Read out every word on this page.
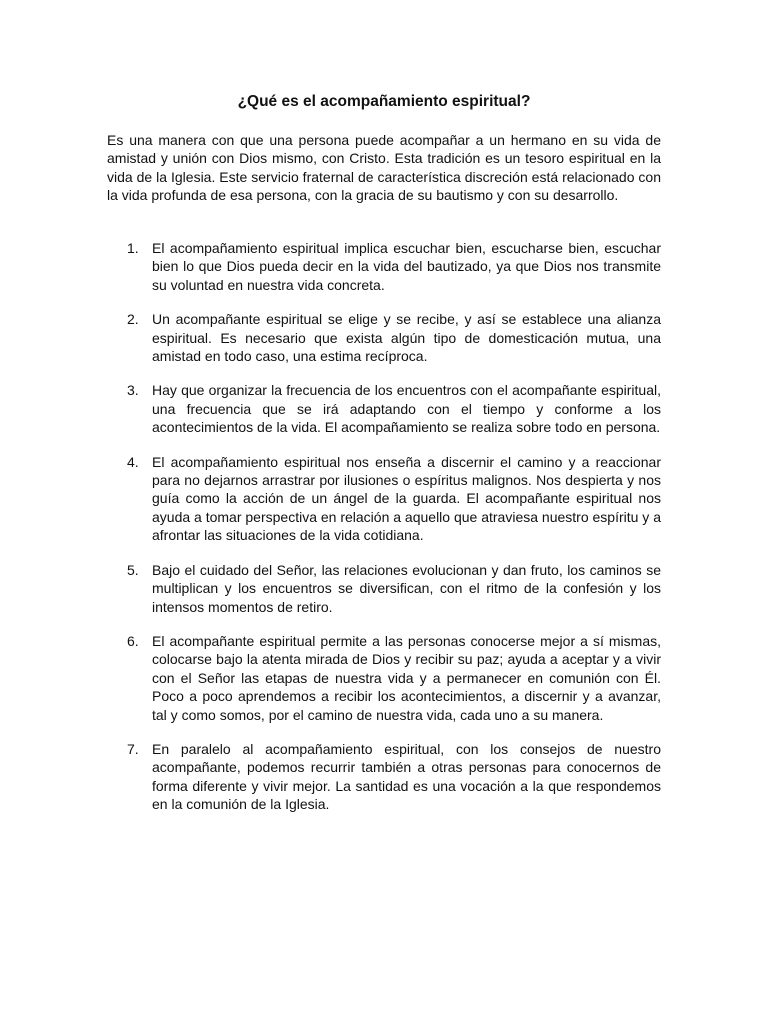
¿Qué es el acompañamiento espiritual?

Es una manera con que una persona puede acompañar a un hermano en su vida de amistad y unión con Dios mismo, con Cristo. Esta tradición es un tesoro espiritual en la vida de la Iglesia. Este servicio fraternal de característica discreción está relacionado con la vida profunda de esa persona, con la gracia de su bautismo y con su desarrollo.

1. El acompañamiento espiritual implica escuchar bien, escucharse bien, escuchar bien lo que Dios pueda decir en la vida del bautizado, ya que Dios nos transmite su voluntad en nuestra vida concreta.
2. Un acompañante espiritual se elige y se recibe, y así se establece una alianza espiritual. Es necesario que exista algún tipo de domesticación mutua, una amistad en todo caso, una estima recíproca.
3. Hay que organizar la frecuencia de los encuentros con el acompañante espiritual, una frecuencia que se irá adaptando con el tiempo y conforme a los acontecimientos de la vida. El acompañamiento se realiza sobre todo en persona.
4. El acompañamiento espiritual nos enseña a discernir el camino y a reaccionar para no dejarnos arrastrar por ilusiones o espíritus malignos. Nos despierta y nos guía como la acción de un ángel de la guarda. El acompañante espiritual nos ayuda a tomar perspectiva en relación a aquello que atraviesa nuestro espíritu y a afrontar las situaciones de la vida cotidiana.
5. Bajo el cuidado del Señor, las relaciones evolucionan y dan fruto, los caminos se multiplican y los encuentros se diversifican, con el ritmo de la confesión y los intensos momentos de retiro.
6. El acompañante espiritual permite a las personas conocerse mejor a sí mismas, colocarse bajo la atenta mirada de Dios y recibir su paz; ayuda a aceptar y a vivir con el Señor las etapas de nuestra vida y a permanecer en comunión con Él. Poco a poco aprendemos a recibir los acontecimientos, a discernir y a avanzar, tal y como somos, por el camino de nuestra vida, cada uno a su manera.
7. En paralelo al acompañamiento espiritual, con los consejos de nuestro acompañante, podemos recurrir también a otras personas para conocernos de forma diferente y vivir mejor. La santidad es una vocación a la que respondemos en la comunión de la Iglesia.
